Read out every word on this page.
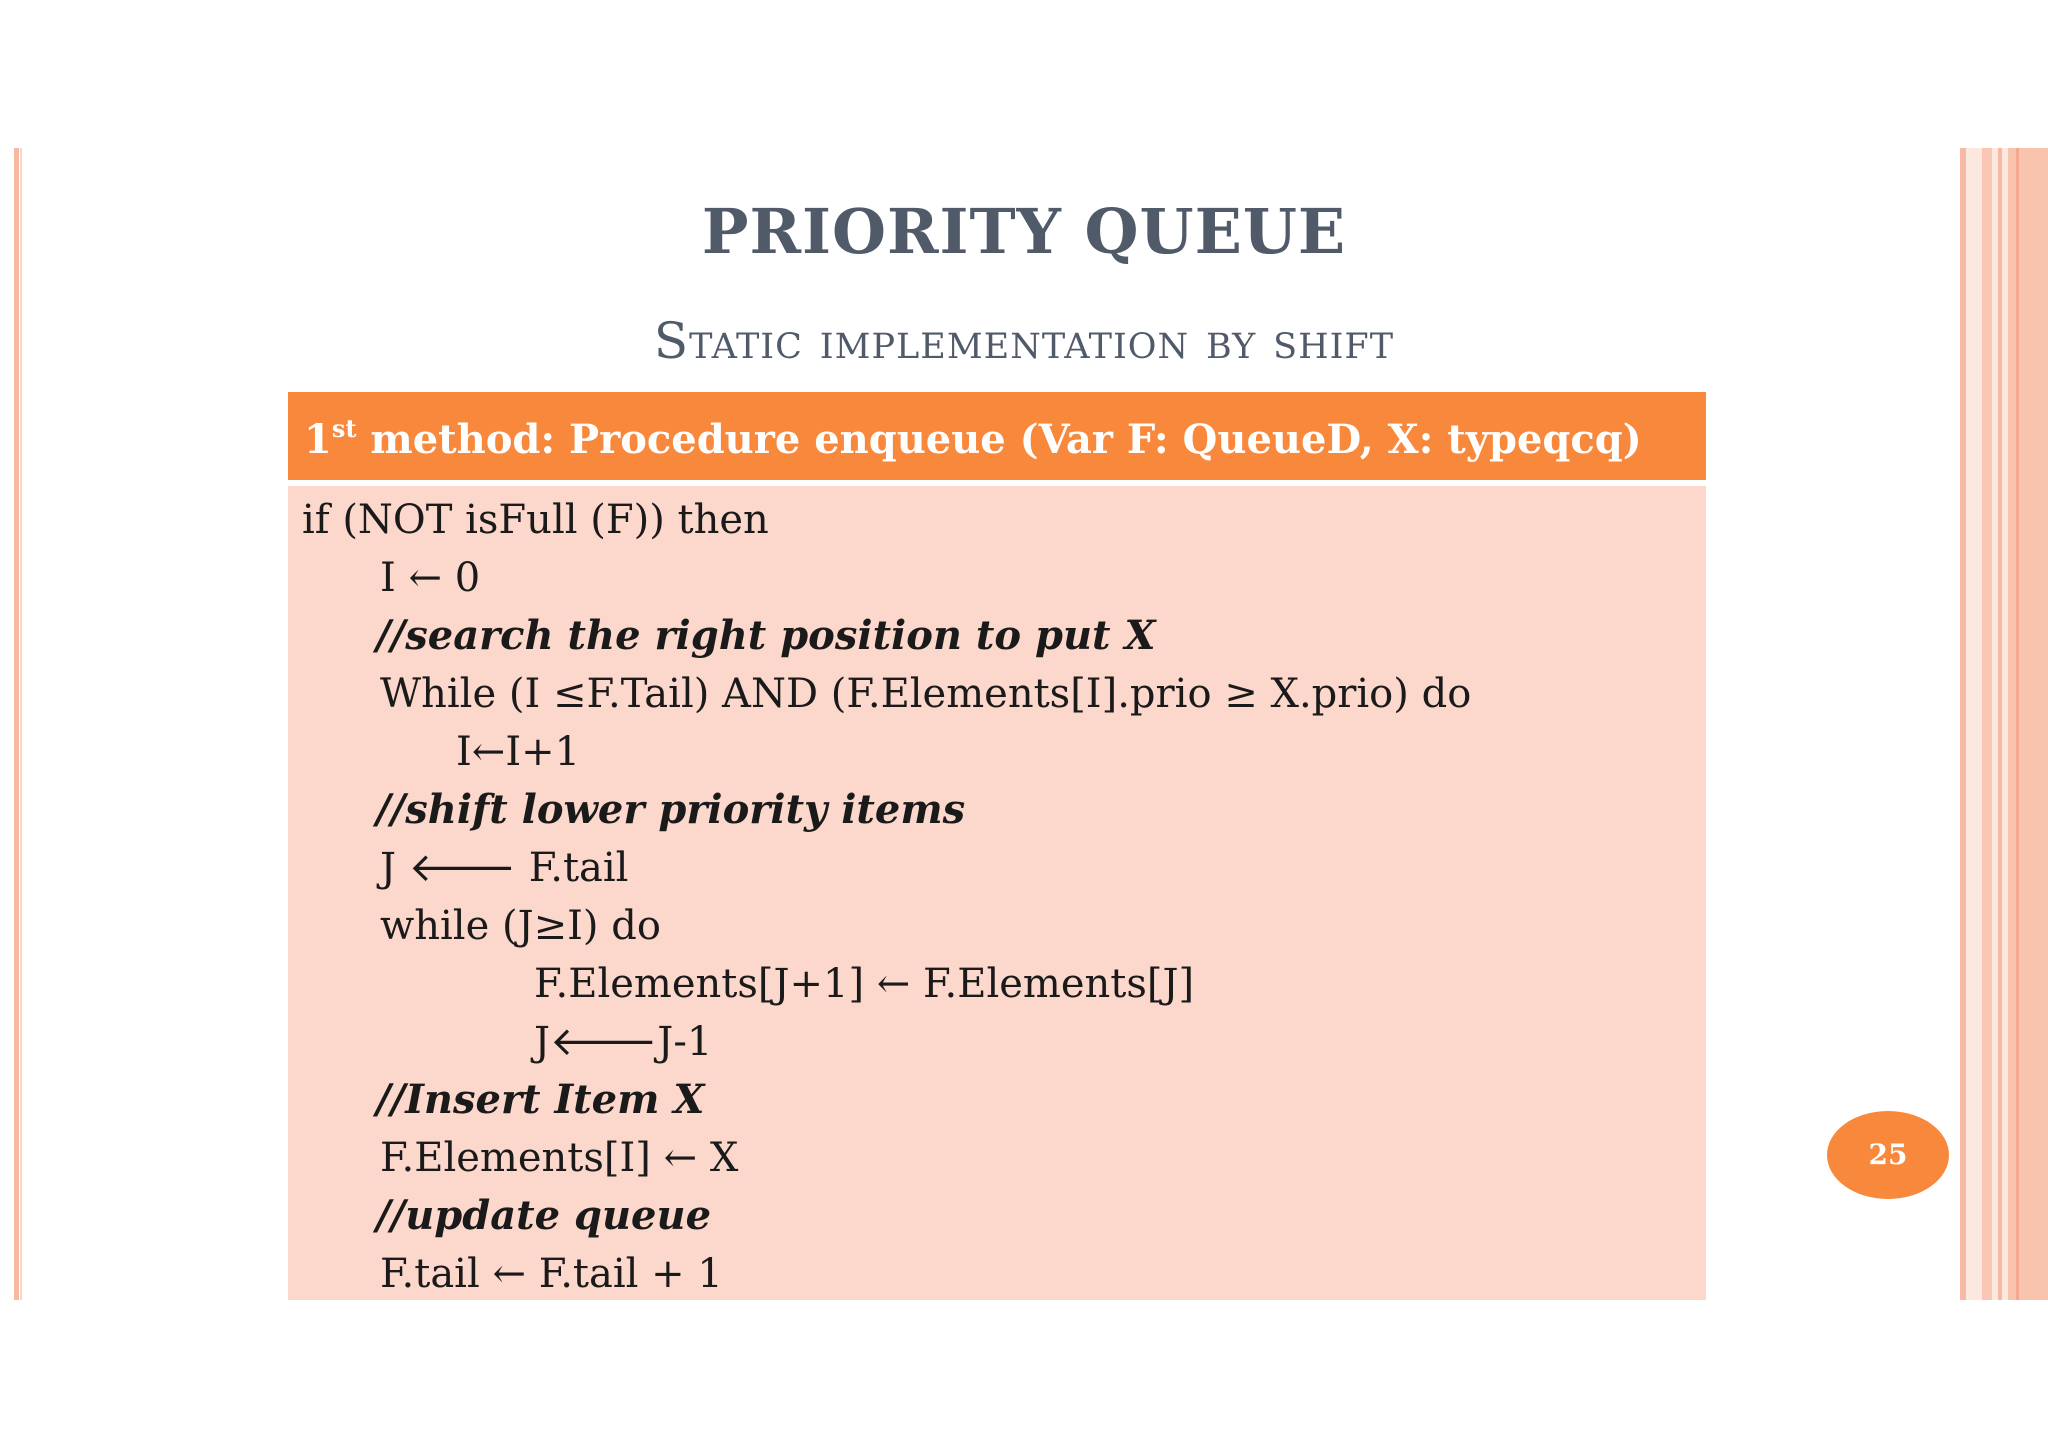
PRIORITY QUEUE
Static implementation by shift
1st method: Procedure enqueue (Var F: QueueD, X: typeqcq)
if (NOT isFull (F)) then
I ← 0
//search the right position to put X
While (I ≤F.Tail) AND (F.Elements[I].prio ≥ X.prio) do
I←I+1
//shift lower priority items
J 🡐 F.tail
while (J≥I) do
F.Elements[J+1] ← F.Elements[J]
J🡐J-1
//Insert Item X
F.Elements[I] ← X
//update queue
F.tail ← F.tail + 1
25
